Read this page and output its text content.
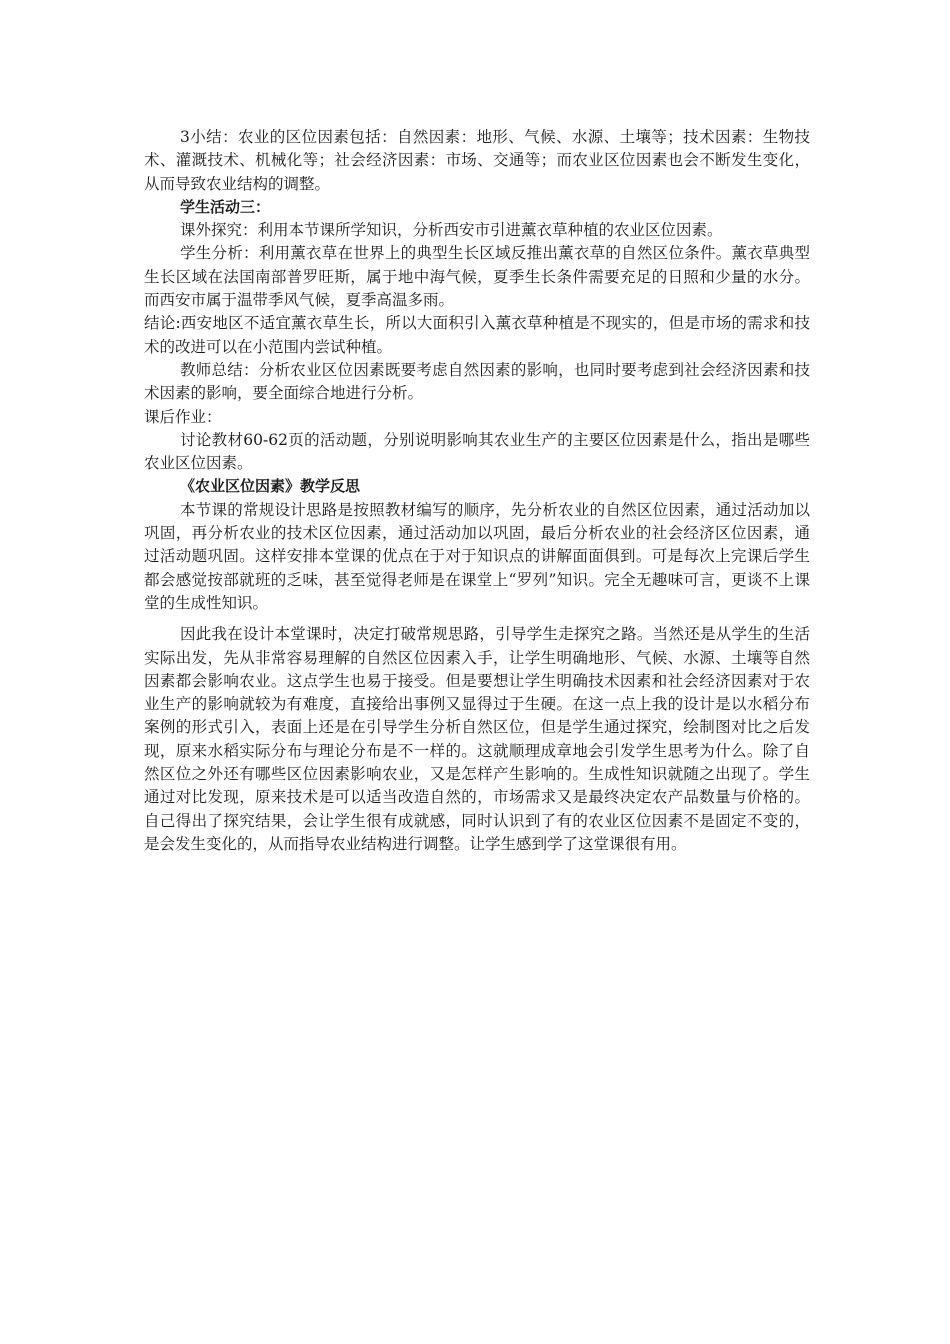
3小结：农业的区位因素包括：自然因素：地形、气候、水源、土壤等；技术因素：生物技术、灌溉技术、机械化等；社会经济因素：市场、交通等；而农业区位因素也会不断发生变化，从而导致农业结构的调整。

学生活动三：

课外探究：利用本节课所学知识，分析西安市引进薰衣草种植的农业区位因素。

学生分析：利用薰衣草在世界上的典型生长区域反推出薰衣草的自然区位条件。薰衣草典型生长区域在法国南部普罗旺斯，属于地中海气候，夏季生长条件需要充足的日照和少量的水分。而西安市属于温带季风气候，夏季高温多雨。

结论:西安地区不适宜薰衣草生长，所以大面积引入薰衣草种植是不现实的，但是市场的需求和技术的改进可以在小范围内尝试种植。

教师总结：分析农业区位因素既要考虑自然因素的影响，也同时要考虑到社会经济因素和技术因素的影响，要全面综合地进行分析。

课后作业：

讨论教材60-62页的活动题，分别说明影响其农业生产的主要区位因素是什么，指出是哪些农业区位因素。

《农业区位因素》教学反思

本节课的常规设计思路是按照教材编写的顺序，先分析农业的自然区位因素，通过活动加以巩固，再分析农业的技术区位因素，通过活动加以巩固，最后分析农业的社会经济区位因素，通过活动题巩固。这样安排本堂课的优点在于对于知识点的讲解面面俱到。可是每次上完课后学生都会感觉按部就班的乏味，甚至觉得老师是在课堂上“罗列”知识。完全无趣味可言，更谈不上课堂的生成性知识。

因此我在设计本堂课时，决定打破常规思路，引导学生走探究之路。当然还是从学生的生活实际出发，先从非常容易理解的自然区位因素入手，让学生明确地形、气候、水源、土壤等自然因素都会影响农业。这点学生也易于接受。但是要想让学生明确技术因素和社会经济因素对于农业生产的影响就较为有难度，直接给出事例又显得过于生硬。在这一点上我的设计是以水稻分布案例的形式引入，表面上还是在引导学生分析自然区位，但是学生通过探究，绘制图对比之后发现，原来水稻实际分布与理论分布是不一样的。这就顺理成章地会引发学生思考为什么。除了自然区位之外还有哪些区位因素影响农业，又是怎样产生影响的。生成性知识就随之出现了。学生通过对比发现，原来技术是可以适当改造自然的，市场需求又是最终决定农产品数量与价格的。自己得出了探究结果，会让学生很有成就感，同时认识到了有的农业区位因素不是固定不变的，是会发生变化的，从而指导农业结构进行调整。让学生感到学了这堂课很有用。
